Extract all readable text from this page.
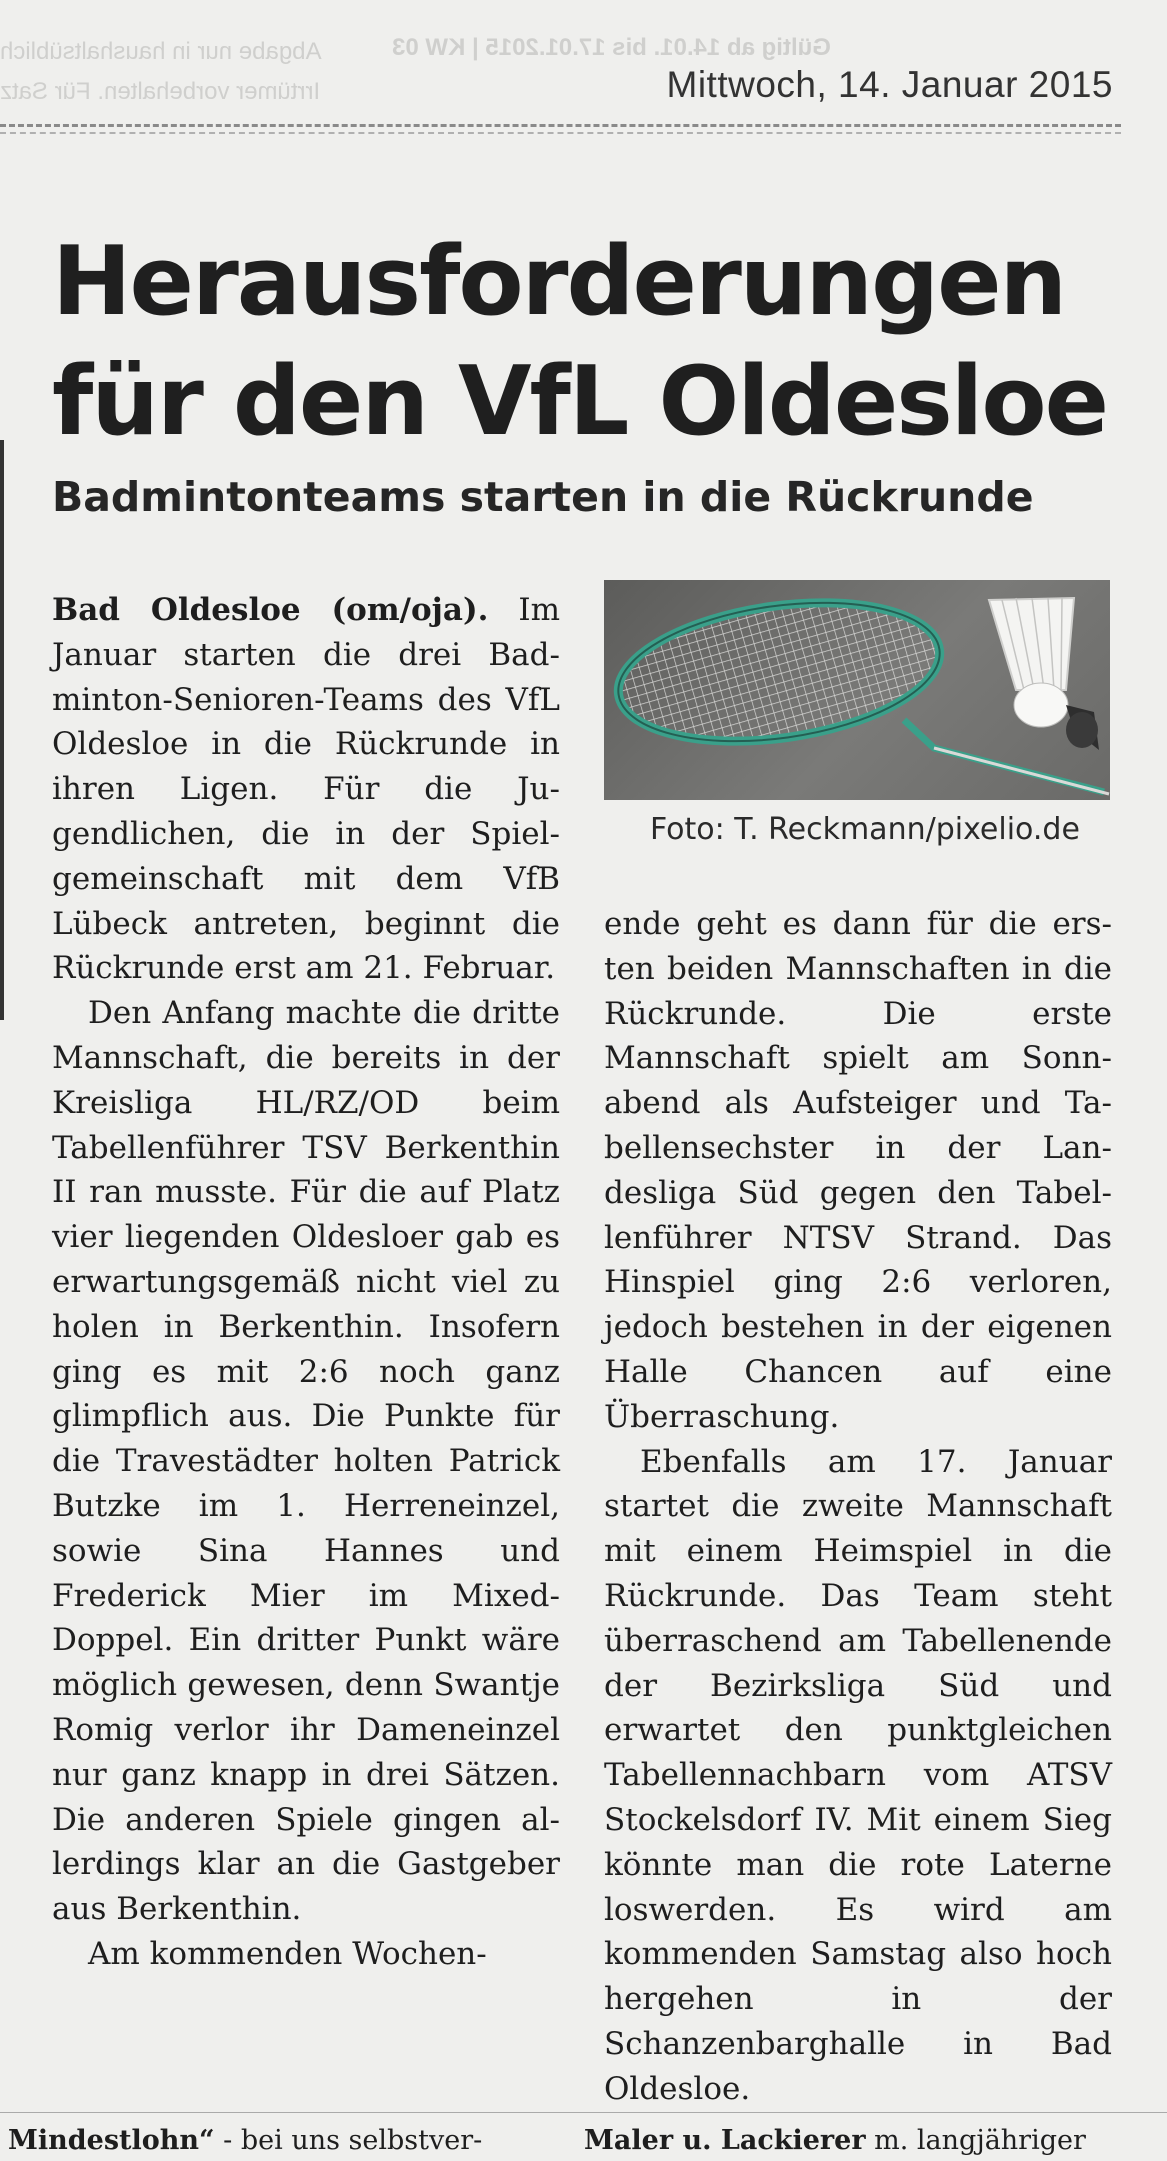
Gültig ab 14.01. bis 17.01.2015 | KW 03
Abgabe nur in haushaltsüblich
Irrtümer vorbehalten. Für Satz	Mittwoch, 14. Januar 2015
Herausforderungen
für den VfL Oldesloe
Badmintonteams starten in die Rückrunde

Bad Oldesloe (om/oja). Im Januar starten die drei Badminton-Senioren-Teams des VfL Oldesloe in die Rückrunde in ihren Ligen. Für die Jugendlichen, die in der Spielgemeinschaft mit dem VfB Lübeck antreten, beginnt die Rückrunde erst am 21. Februar.

Den Anfang machte die dritte Mannschaft, die bereits in der Kreisliga HL/RZ/OD beim Tabellenführer TSV Berkenthin II ran musste. Für die auf Platz vier liegenden Oldesloer gab es erwartungsgemäß nicht viel zu holen in Berkenthin. Insofern ging es mit 2:6 noch ganz glimpflich aus. Die Punkte für die Travestädter holten Patrick Butzke im 1. Herreneinzel, sowie Sina Hannes und Frederick Mier im Mixed-Doppel. Ein dritter Punkt wäre möglich gewesen, denn Swantje Romig verlor ihr Dameneinzel nur ganz knapp in drei Sätzen. Die anderen Spiele gingen allerdings klar an die Gastgeber aus Berkenthin.

Am kommenden Wochen-

Foto: T. Reckmann/pixelio.de

ende geht es dann für die ersten beiden Mannschaften in die Rückrunde. Die erste Mannschaft spielt am Sonnabend als Aufsteiger und Tabellensechster in der Landesliga Süd gegen den Tabellenführer NTSV Strand. Das Hinspiel ging 2:6 verloren, jedoch bestehen in der eigenen Halle Chancen auf eine Überraschung.

Ebenfalls am 17. Januar startet die zweite Mannschaft mit einem Heimspiel in die Rückrunde. Das Team steht überraschend am Tabellenende der Bezirksliga Süd und erwartet den punktgleichen Tabellennachbarn vom ATSV Stockelsdorf IV. Mit einem Sieg könnte man die rote Laterne loswerden. Es wird am kommenden Samstag also hoch hergehen in der Schanzenbarghalle in Bad Oldesloe.

Mindestlohn“ - bei uns selbstver-	Maler u. Lackierer m. langjähriger
